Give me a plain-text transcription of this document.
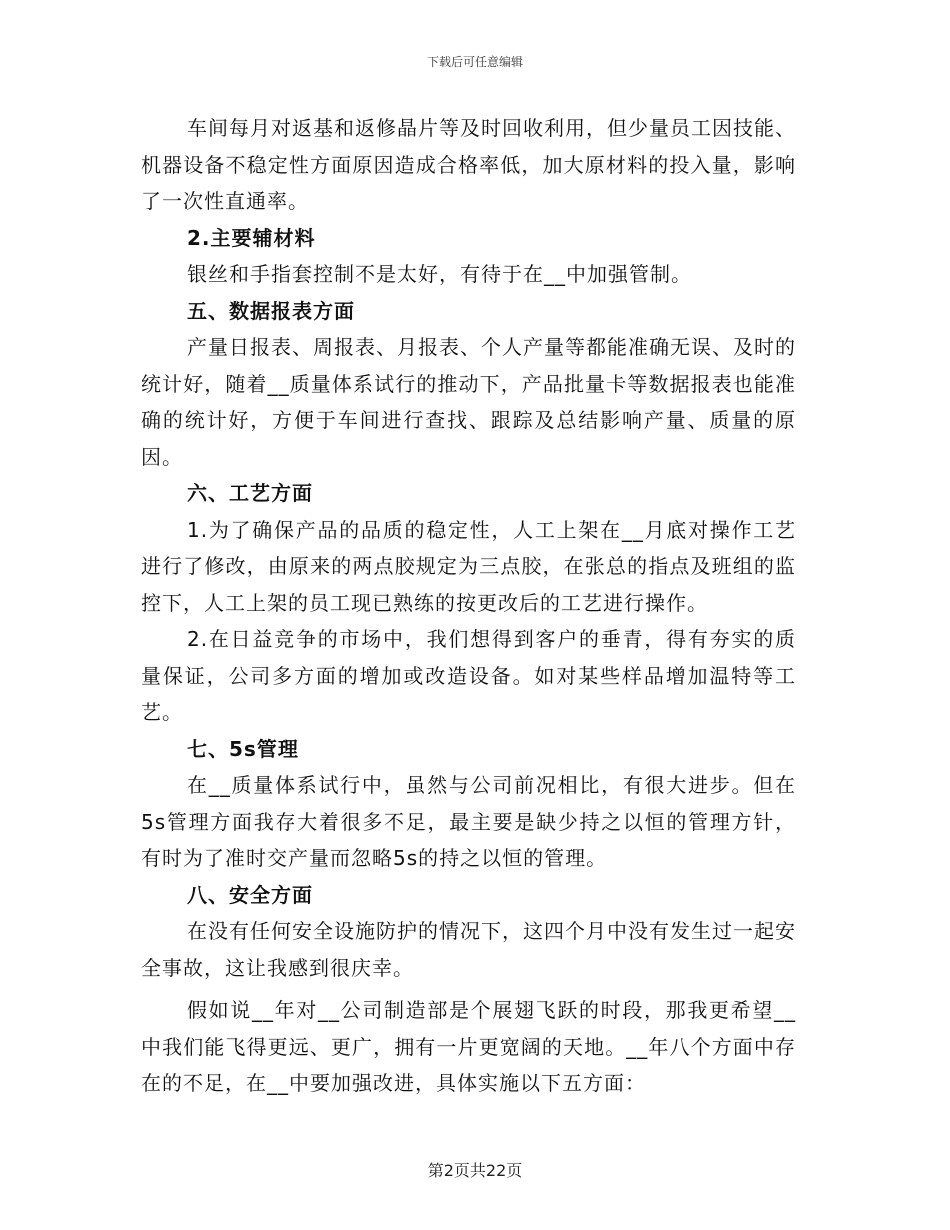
下载后可任意编辑

车间每月对返基和返修晶片等及时回收利用，但少量员工因技能、机器设备不稳定性方面原因造成合格率低，加大原材料的投入量，影响了一次性直通率。

2.主要辅材料

银丝和手指套控制不是太好，有待于在__中加强管制。

五、数据报表方面

产量日报表、周报表、月报表、个人产量等都能准确无误、及时的统计好，随着__质量体系试行的推动下，产品批量卡等数据报表也能准确的统计好，方便于车间进行查找、跟踪及总结影响产量、质量的原因。

六、工艺方面

1.为了确保产品的品质的稳定性，人工上架在__月底对操作工艺进行了修改，由原来的两点胶规定为三点胶，在张总的指点及班组的监控下，人工上架的员工现已熟练的按更改后的工艺进行操作。

2.在日益竞争的市场中，我们想得到客户的垂青，得有夯实的质量保证，公司多方面的增加或改造设备。如对某些样品增加温特等工艺。

七、5s管理

在__质量体系试行中，虽然与公司前况相比，有很大进步。但在5s管理方面我存大着很多不足，最主要是缺少持之以恒的管理方针，有时为了准时交产量而忽略5s的持之以恒的管理。

八、安全方面

在没有任何安全设施防护的情况下，这四个月中没有发生过一起安全事故，这让我感到很庆幸。

假如说__年对__公司制造部是个展翅飞跃的时段，那我更希望__中我们能飞得更远、更广，拥有一片更宽阔的天地。__年八个方面中存在的不足，在__中要加强改进，具体实施以下五方面：

第2页共22页
